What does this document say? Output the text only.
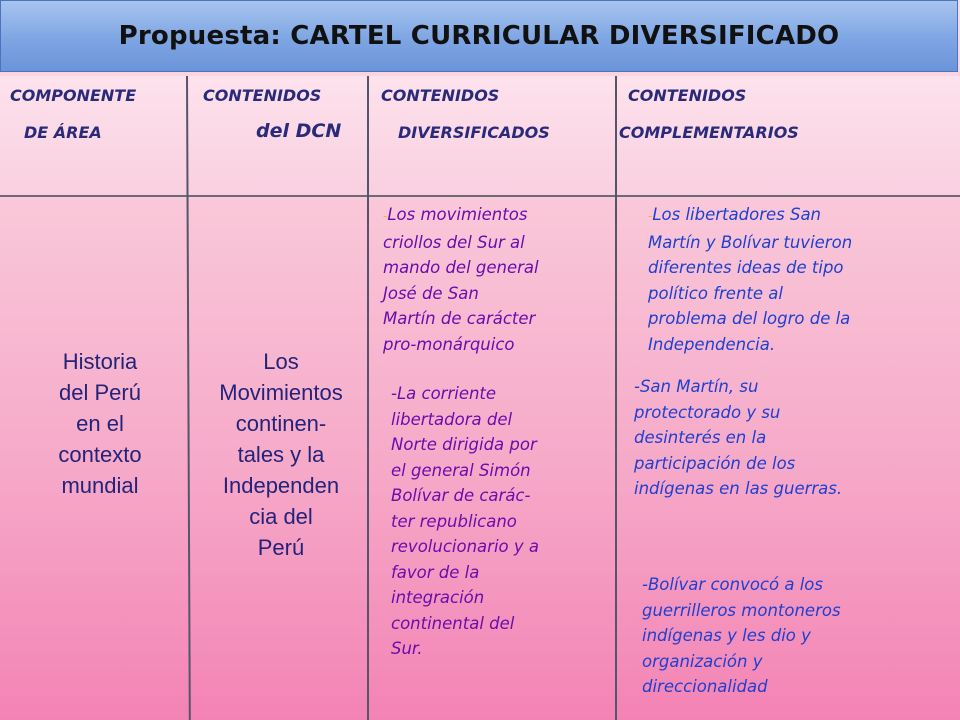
Propuesta: CARTEL CURRICULAR DIVERSIFICADO
COMPONENTE
DE ÁREA
CONTENIDOS
del DCN
CONTENIDOS
DIVERSIFICADOS
CONTENIDOS
COMPLEMENTARIOS
Historia
del Perú
en el
contexto
mundial
Los
Movimientos
continen-
tales y la
Independen
cia del
Perú
-Los movimientos
criollos del Sur al
mando del general
José de San
Martín de carácter
pro-monárquico
-La corriente
libertadora del
Norte dirigida por
el general Simón
Bolívar de carác-
ter republicano
revolucionario y a
favor de la
integración
continental del
Sur.
-Los libertadores San
Martín y Bolívar tuvieron
diferentes ideas de tipo
político frente al
problema del logro de la
Independencia.
-San Martín, su
protectorado y su
desinterés en la
participación de los
indígenas en las guerras.
-Bolívar convocó a los
guerrilleros montoneros
indígenas y les dio y
organización y
direccionalidad
